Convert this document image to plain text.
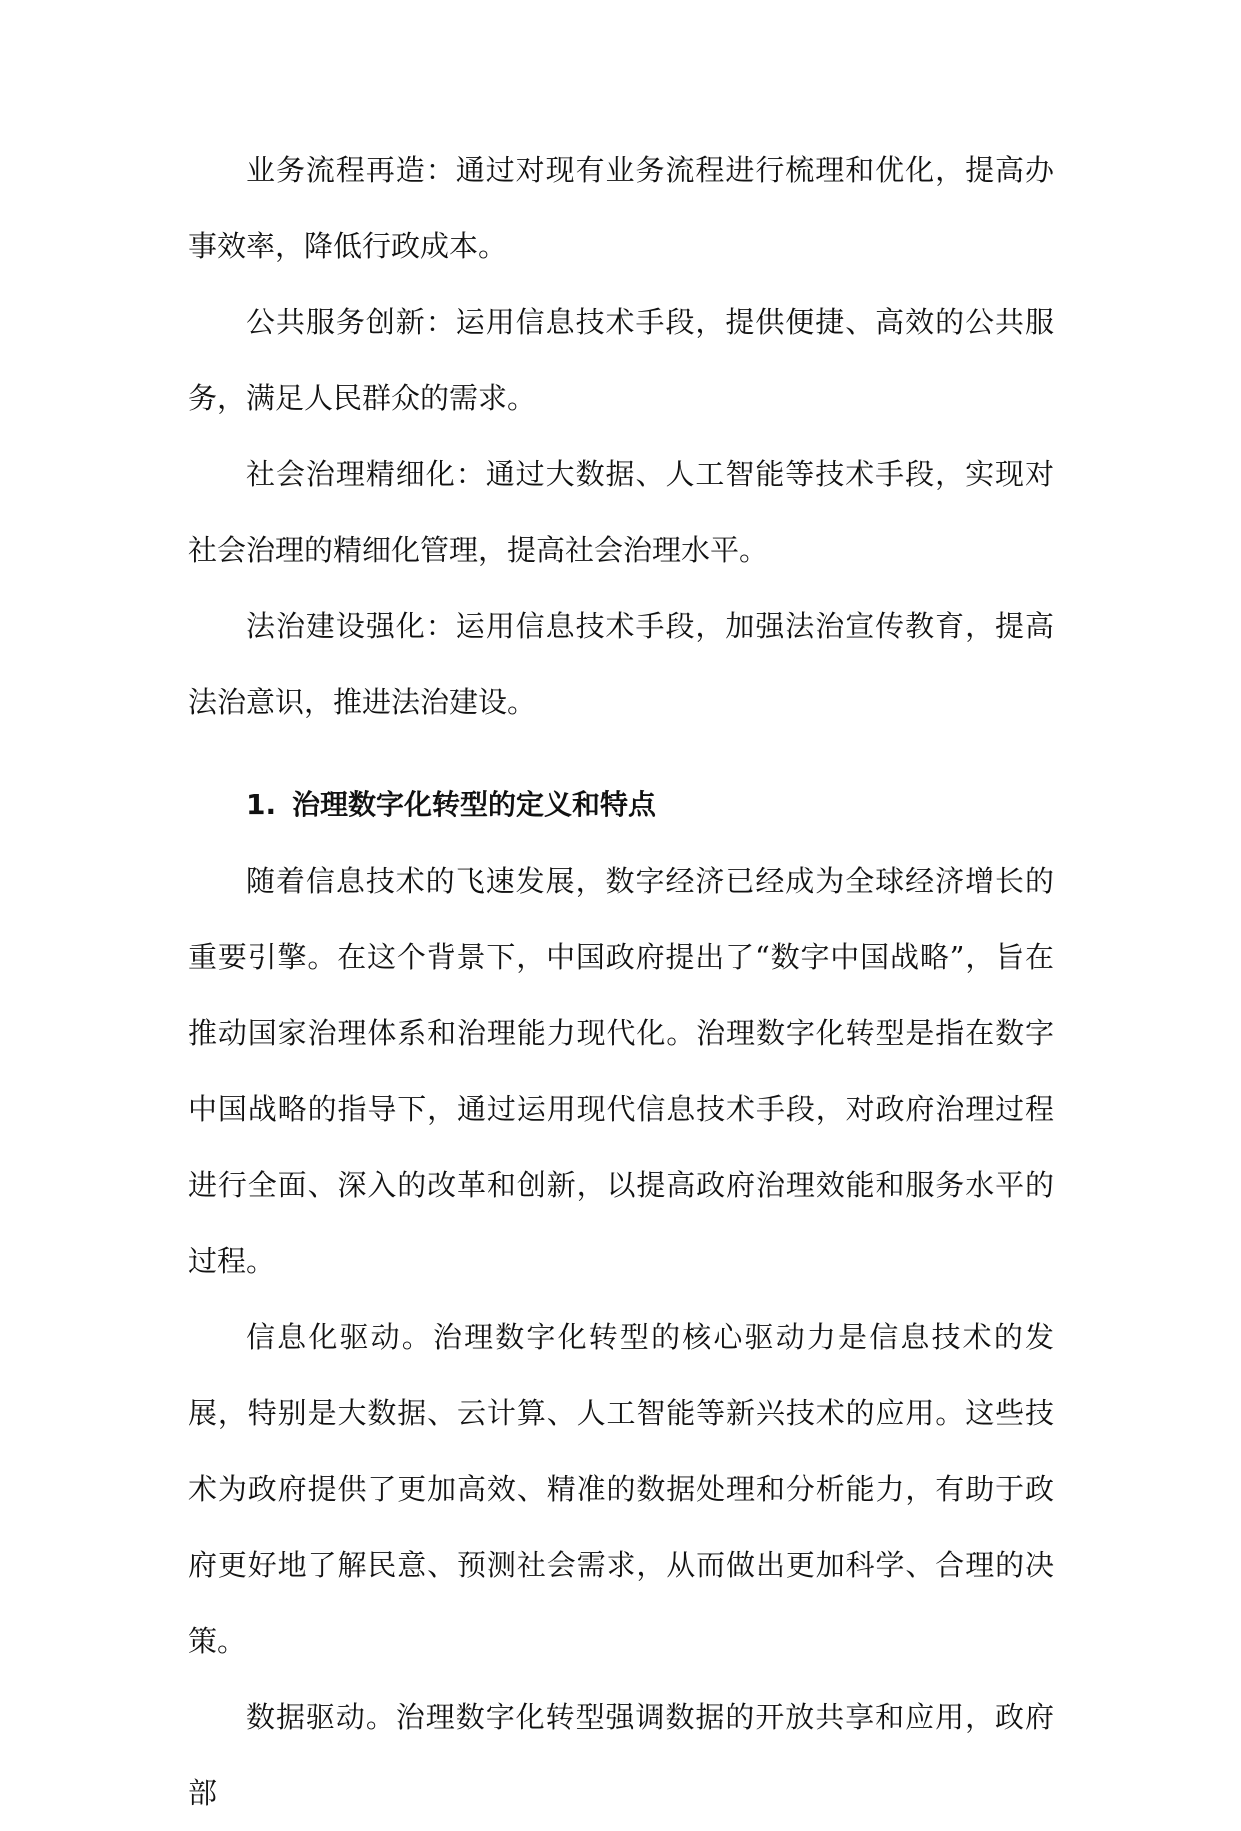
业务流程再造：通过对现有业务流程进行梳理和优化，提高办事效率，降低行政成本。

公共服务创新：运用信息技术手段，提供便捷、高效的公共服务，满足人民群众的需求。

社会治理精细化：通过大数据、人工智能等技术手段，实现对社会治理的精细化管理，提高社会治理水平。

法治建设强化：运用信息技术手段，加强法治宣传教育，提高法治意识，推进法治建设。

1. 治理数字化转型的定义和特点

随着信息技术的飞速发展，数字经济已经成为全球经济增长的重要引擎。在这个背景下，中国政府提出了“数字中国战略”，旨在推动国家治理体系和治理能力现代化。治理数字化转型是指在数字中国战略的指导下，通过运用现代信息技术手段，对政府治理过程进行全面、深入的改革和创新，以提高政府治理效能和服务水平的过程。

信息化驱动。治理数字化转型的核心驱动力是信息技术的发展，特别是大数据、云计算、人工智能等新兴技术的应用。这些技术为政府提供了更加高效、精准的数据处理和分析能力，有助于政府更好地了解民意、预测社会需求，从而做出更加科学、合理的决策。

数据驱动。治理数字化转型强调数据的开放共享和应用，政府部
